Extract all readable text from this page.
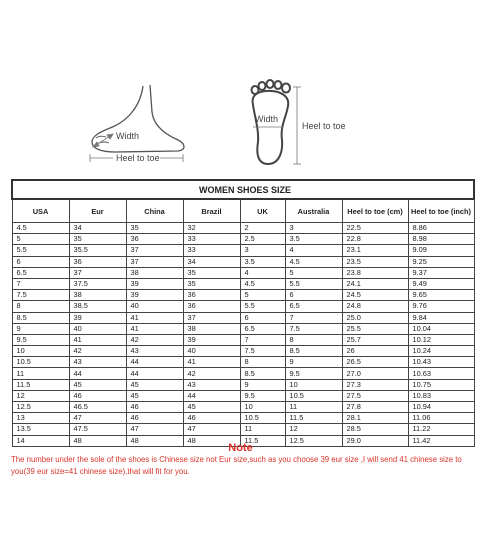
Width
Heel to toe
Width
Heel to toe
WOMEN SHOES SIZE							
USA	Eur	China	Brazil	UK	Australia	Heel to toe (cm)	Heel to toe (inch)
4.5	34	35	32	2	3	22.5	8.86
5	35	36	33	2.5	3.5	22.8	8.98
5.5	35.5	37	33	3	4	23.1	9.09
6	36	37	34	3.5	4.5	23.5	9.25
6.5	37	38	35	4	5	23.8	9.37
7	37.5	39	35	4.5	5.5	24.1	9.49
7.5	38	39	36	5	6	24.5	9.65
8	38.5	40	36	5.5	6.5	24.8	9.76
8.5	39	41	37	6	7	25.0	9.84
9	40	41	38	6.5	7.5	25.5	10.04
9.5	41	42	39	7	8	25.7	10.12
10	42	43	40	7.5	8.5	26	10.24
10.5	43	44	41	8	9	26.5	10.43
11	44	44	42	8.5	9.5	27.0	10.63
11.5	45	45	43	9	10	27.3	10.75
12	46	45	44	9.5	10.5	27.5	10.83
12.5	46.5	46	45	10	11	27.8	10.94
13	47	46	46	10.5	11.5	28.1	11.06
13.5	47.5	47	47	11	12	28.5	11.22
14	48	48	48	11.5	12.5	29.0	11.42
Note
The number under the sole of the shoes is Chinese size not Eur size,such as you choose 39 eur size ,I will send 41 chinese size to you(39 eur size=41 chinese size),that will fit for you.
